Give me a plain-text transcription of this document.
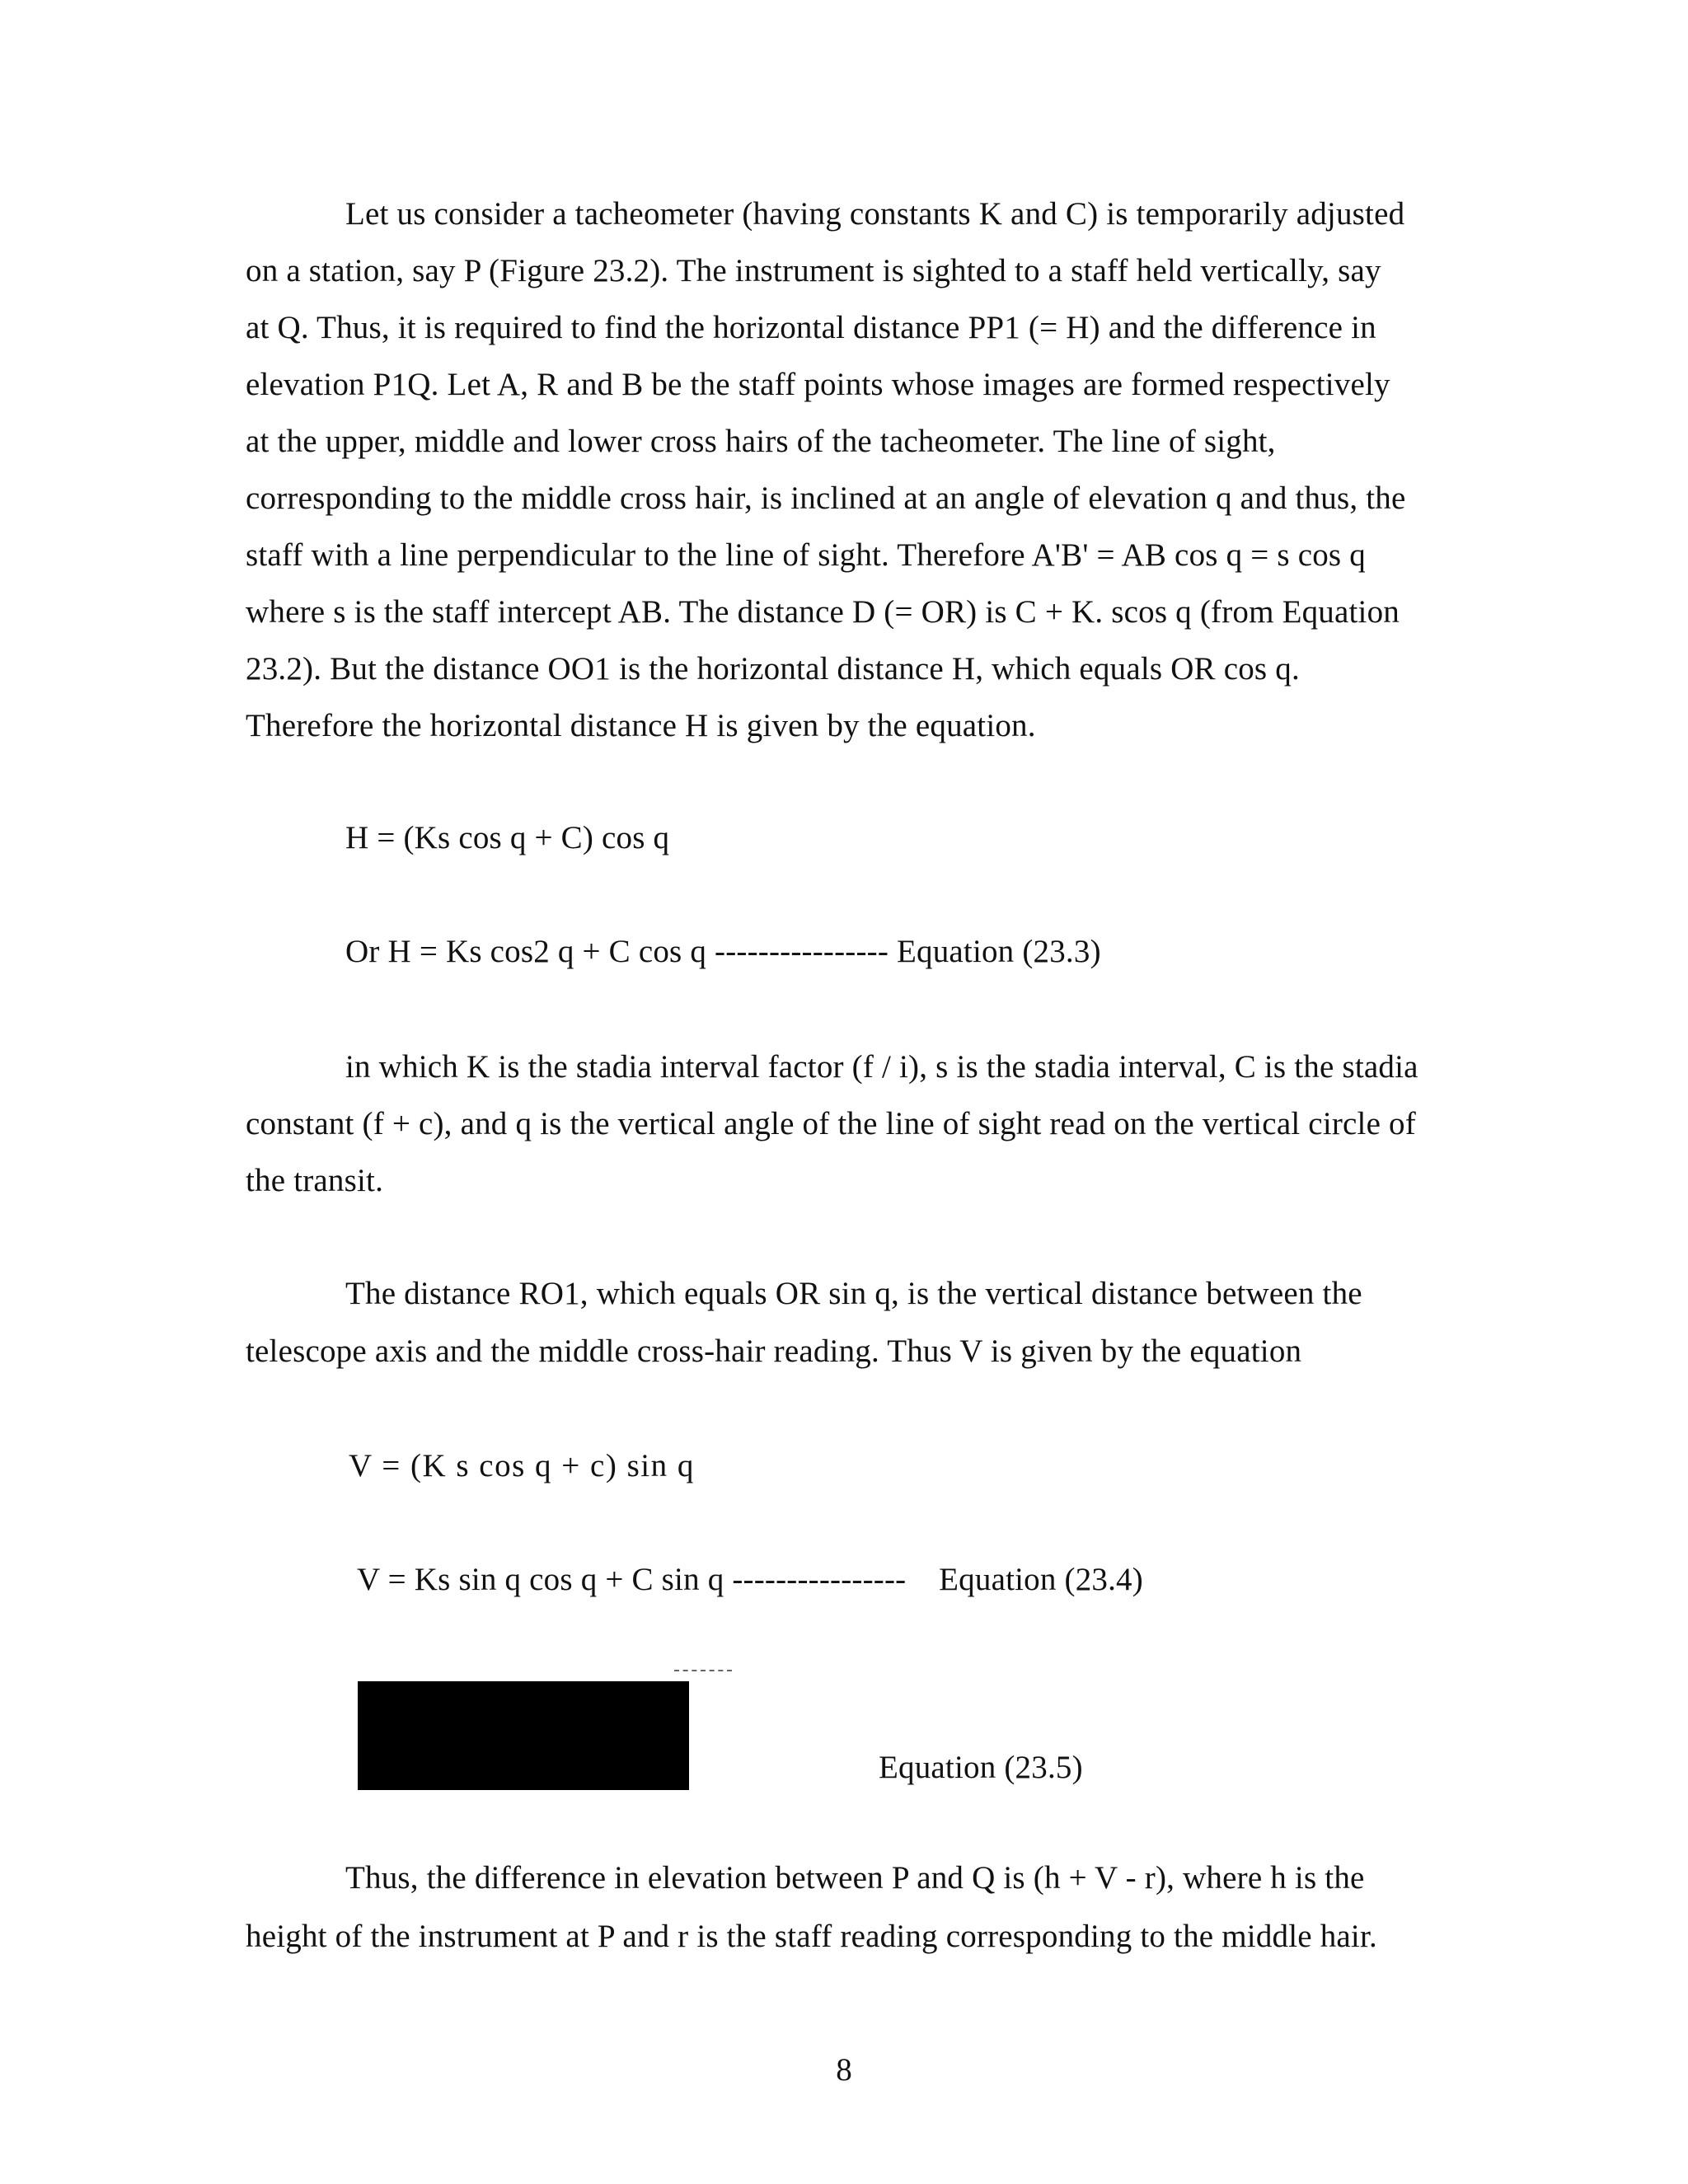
Let us consider a tacheometer (having constants K and C) is temporarily adjusted
on a station, say P (Figure 23.2). The instrument is sighted to a staff held vertically, say
at Q. Thus, it is required to find the horizontal distance PP1 (= H) and the difference in
elevation P1Q. Let A, R and B be the staff points whose images are formed respectively
at the upper, middle and lower cross hairs of the tacheometer. The line of sight,
corresponding to the middle cross hair, is inclined at an angle of elevation q and thus, the
staff with a line perpendicular to the line of sight. Therefore A'B' = AB cos q = s cos q
where s is the staff intercept AB. The distance D (= OR) is C + K. scos q (from Equation
23.2). But the distance OO1 is the horizontal distance H, which equals OR cos q.
Therefore the horizontal distance H is given by the equation.
H = (Ks cos q + C) cos q
Or H = Ks cos2 q + C cos q ---------------- Equation (23.3)
in which K is the stadia interval factor (f / i), s is the stadia interval, C is the stadia
constant (f + c), and q is the vertical angle of the line of sight read on the vertical circle of
the transit.
The distance RO1, which equals OR sin q, is the vertical distance between the
telescope axis and the middle cross-hair reading. Thus V is given by the equation
V = (K s cos q + c) sin q
V = Ks sin q cos q + C sin q ----------------    Equation (23.4)
Equation (23.5)
Thus, the difference in elevation between P and Q is (h + V - r), where h is the
height of the instrument at P and r is the staff reading corresponding to the middle hair.
8
